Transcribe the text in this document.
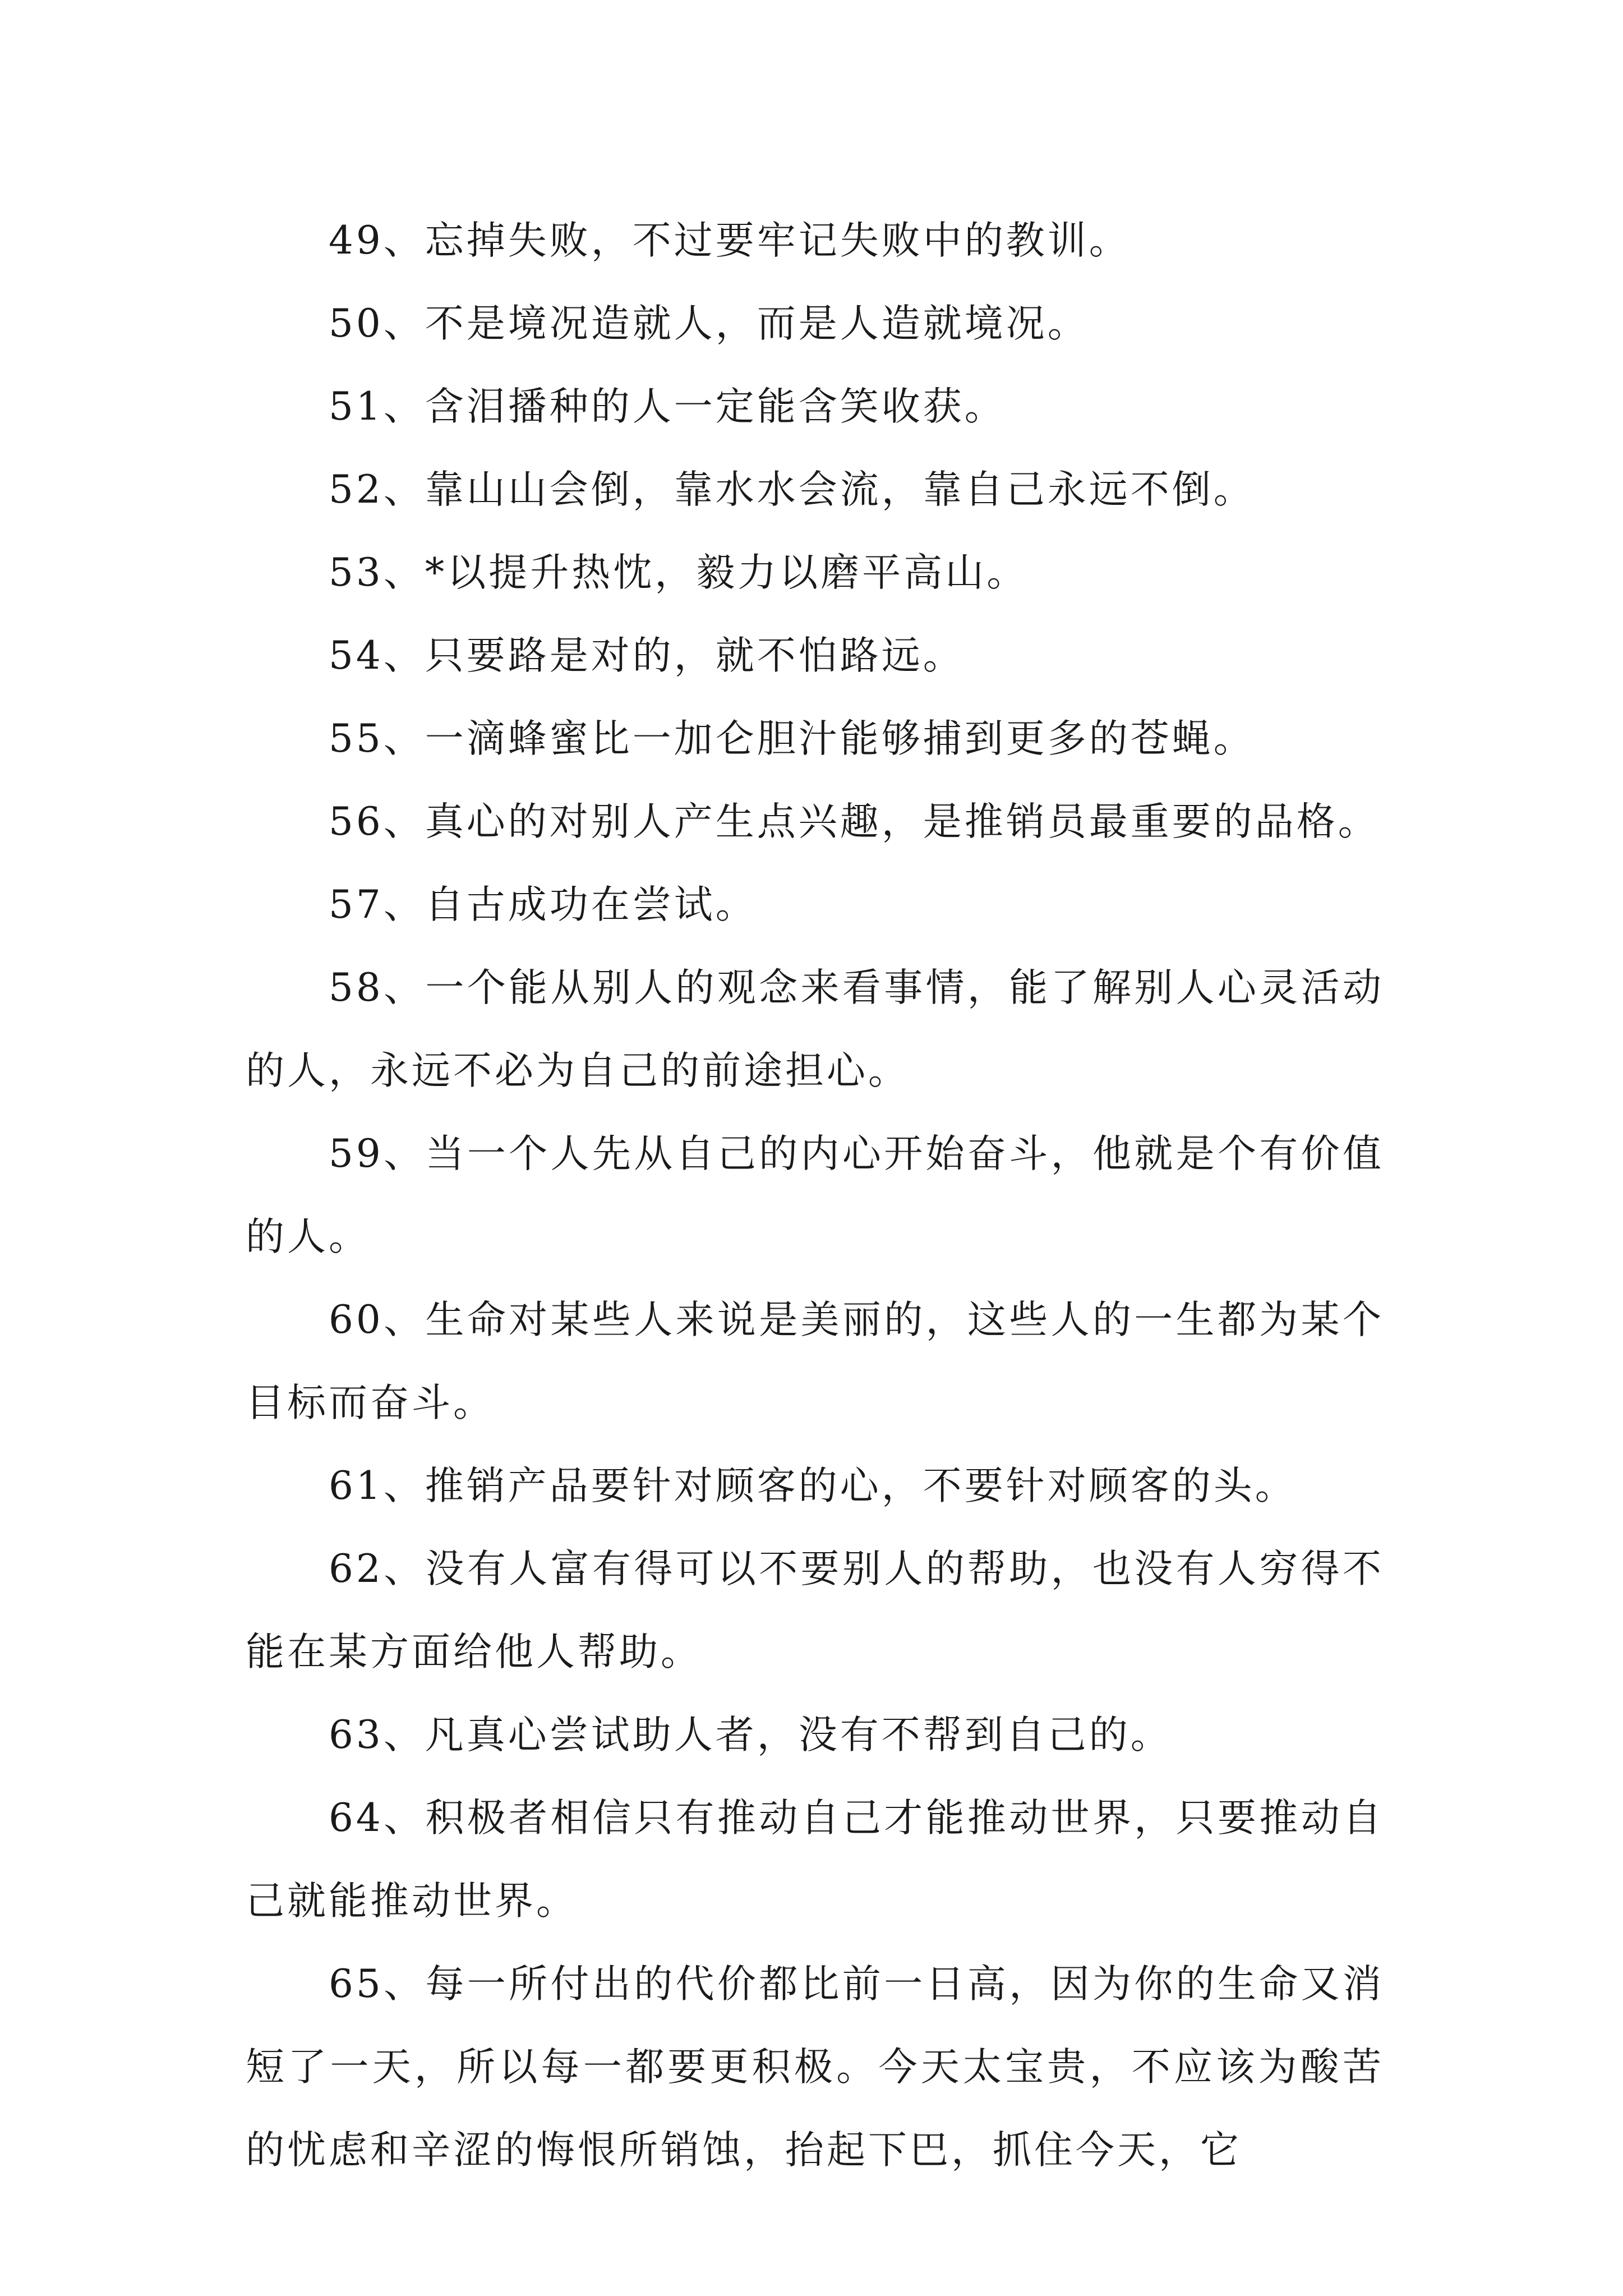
49、忘掉失败，不过要牢记失败中的教训。

50、不是境况造就人，而是人造就境况。

51、含泪播种的人一定能含笑收获。

52、靠山山会倒，靠水水会流，靠自己永远不倒。

53、*以提升热忱，毅力以磨平高山。

54、只要路是对的，就不怕路远。

55、一滴蜂蜜比一加仑胆汁能够捕到更多的苍蝇。

56、真心的对别人产生点兴趣，是推销员最重要的品格。

57、自古成功在尝试。

58、一个能从别人的观念来看事情，能了解别人心灵活动的人，永远不必为自己的前途担心。

59、当一个人先从自己的内心开始奋斗，他就是个有价值的人。

60、生命对某些人来说是美丽的，这些人的一生都为某个目标而奋斗。

61、推销产品要针对顾客的心，不要针对顾客的头。

62、没有人富有得可以不要别人的帮助，也没有人穷得不能在某方面给他人帮助。

63、凡真心尝试助人者，没有不帮到自己的。

64、积极者相信只有推动自己才能推动世界，只要推动自己就能推动世界。

65、每一所付出的代价都比前一日高，因为你的生命又消短了一天，所以每一都要更积极。今天太宝贵，不应该为酸苦的忧虑和辛涩的悔恨所销蚀，抬起下巴，抓住今天，它
